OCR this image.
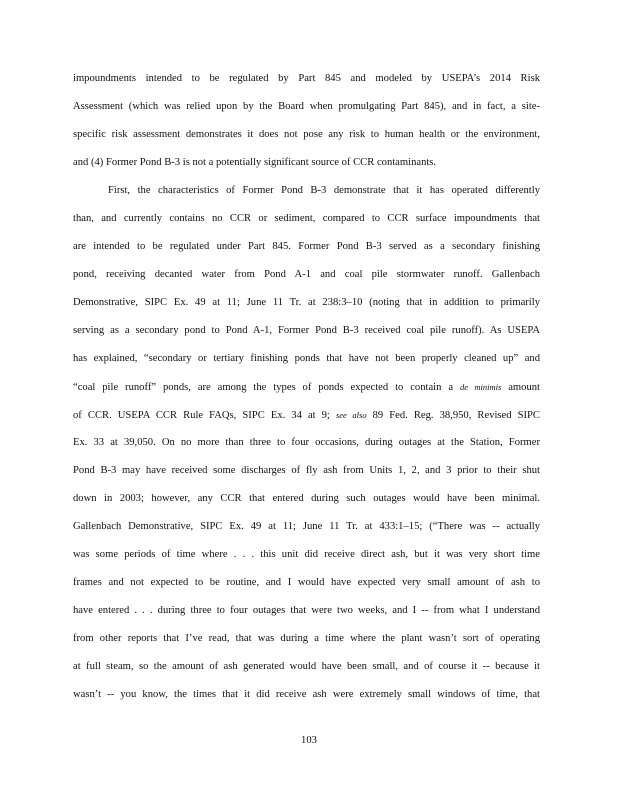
impoundments intended to be regulated by Part 845 and modeled by USEPA’s 2014 Risk
Assessment (which was relied upon by the Board when promulgating Part 845), and in fact, a site-
specific risk assessment demonstrates it does not pose any risk to human health or the environment,
and (4) Former Pond B-3 is not a potentially significant source of CCR contaminants.
First, the characteristics of Former Pond B-3 demonstrate that it has operated differently
than, and currently contains no CCR or sediment, compared to CCR surface impoundments that
are intended to be regulated under Part 845. Former Pond B-3 served as a secondary finishing
pond, receiving decanted water from Pond A-1 and coal pile stormwater runoff. Gallenbach
Demonstrative, SIPC Ex. 49 at 11; June 11 Tr. at 238:3–10 (noting that in addition to primarily
serving as a secondary pond to Pond A-1, Former Pond B-3 received coal pile runoff). As USEPA
has explained, “secondary or tertiary finishing ponds that have not been properly cleaned up” and
“coal pile runoff” ponds, are among the types of ponds expected to contain a de minimis amount
of CCR. USEPA CCR Rule FAQs, SIPC Ex. 34 at 9; see also 89 Fed. Reg. 38,950, Revised SIPC
Ex. 33 at 39,050. On no more than three to four occasions, during outages at the Station, Former
Pond B-3 may have received some discharges of fly ash from Units 1, 2, and 3 prior to their shut
down in 2003; however, any CCR that entered during such outages would have been minimal.
Gallenbach Demonstrative, SIPC Ex. 49 at 11; June 11 Tr. at 433:1–15; (“There was -- actually
was some periods of time where . . . this unit did receive direct ash, but it was very short time
frames and not expected to be routine, and I would have expected very small amount of ash to
have entered . . . during three to four outages that were two weeks, and I -- from what I understand
from other reports that I’ve read, that was during a time where the plant wasn’t sort of operating
at full steam, so the amount of ash generated would have been small, and of course it -- because it
wasn’t -- you know, the times that it did receive ash were extremely small windows of time, that
103
